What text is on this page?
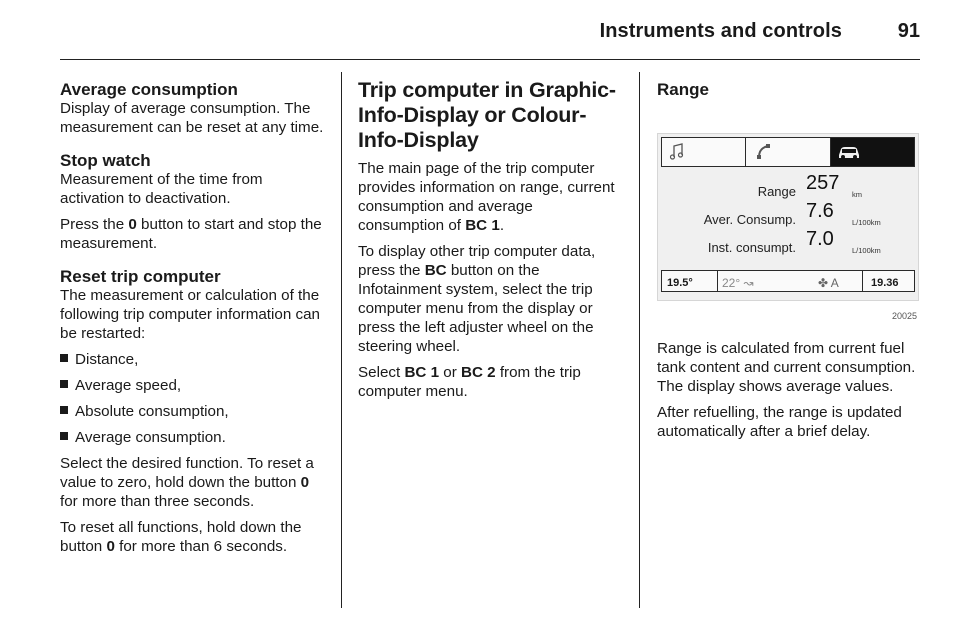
Instruments and controls	91
Average consumption

Display of average consumption. The measurement can be reset at any time.

Stop watch

Measurement of the time from activation to deactivation.

Press the 0 button to start and stop the measurement.

Reset trip computer

The measurement or calculation of the following trip computer information can be restarted:

Distance,
Average speed,
Absolute consumption,
Average consumption.

Select the desired function. To reset a value to zero, hold down the button 0 for more than three seconds.

To reset all functions, hold down the button 0 for more than 6 seconds.

Trip computer in Graphic-Info-Display or Colour-Info-Display

The main page of the trip computer provides information on range, current consumption and average consumption of BC 1.

To display other trip computer data, press the BC button on the Infotainment system, select the trip computer menu from the display or press the left adjuster wheel on the steering wheel.

Select BC 1 or BC 2 from the trip computer menu.

Range
Range 257
km
Aver. Consump. 7.6
L/100km
Inst. consumpt. 7.0
L/100km
19.5°	22° ↝	✤ A	19.36
20025

Range is calculated from current fuel tank content and current consumption. The display shows average values.

After refuelling, the range is updated automatically after a brief delay.
